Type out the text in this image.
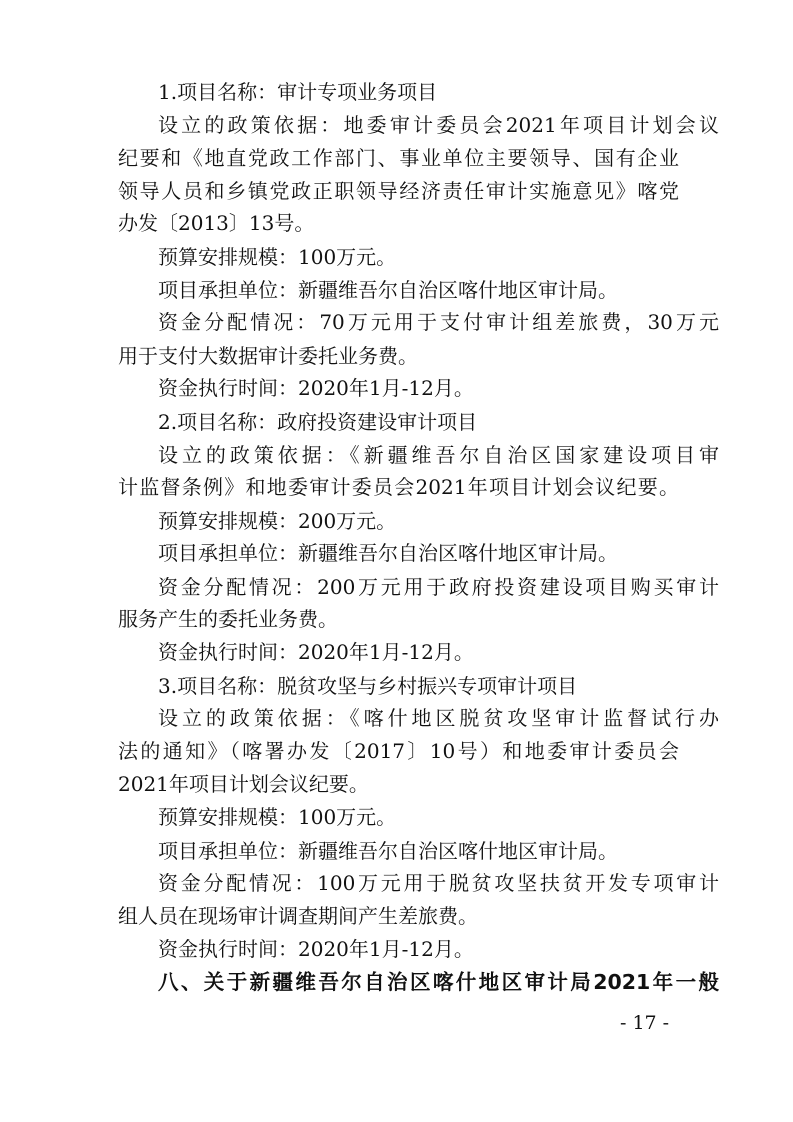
1.项目名称：审计专项业务项目
设立的政策依据：地委审计委员会2021年项目计划会议
纪要和《地直党政工作部门、事业单位主要领导、国有企业
领导人员和乡镇党政正职领导经济责任审计实施意见》喀党
办发〔2013〕13号。
预算安排规模：100万元。
项目承担单位：新疆维吾尔自治区喀什地区审计局。
资金分配情况：70万元用于支付审计组差旅费，30万元
用于支付大数据审计委托业务费。
资金执行时间：2020年1月-12月。
2.项目名称：政府投资建设审计项目
设立的政策依据：《新疆维吾尔自治区国家建设项目审
计监督条例》和地委审计委员会2021年项目计划会议纪要。
预算安排规模：200万元。
项目承担单位：新疆维吾尔自治区喀什地区审计局。
资金分配情况：200万元用于政府投资建设项目购买审计
服务产生的委托业务费。
资金执行时间：2020年1月-12月。
3.项目名称：脱贫攻坚与乡村振兴专项审计项目
设立的政策依据：《喀什地区脱贫攻坚审计监督试行办
法的通知》（喀署办发〔2017〕10号）和地委审计委员会
2021年项目计划会议纪要。
预算安排规模：100万元。
项目承担单位：新疆维吾尔自治区喀什地区审计局。
资金分配情况：100万元用于脱贫攻坚扶贫开发专项审计
组人员在现场审计调查期间产生差旅费。
资金执行时间：2020年1月-12月。
八、关于新疆维吾尔自治区喀什地区审计局2021年一般
- 17 -
